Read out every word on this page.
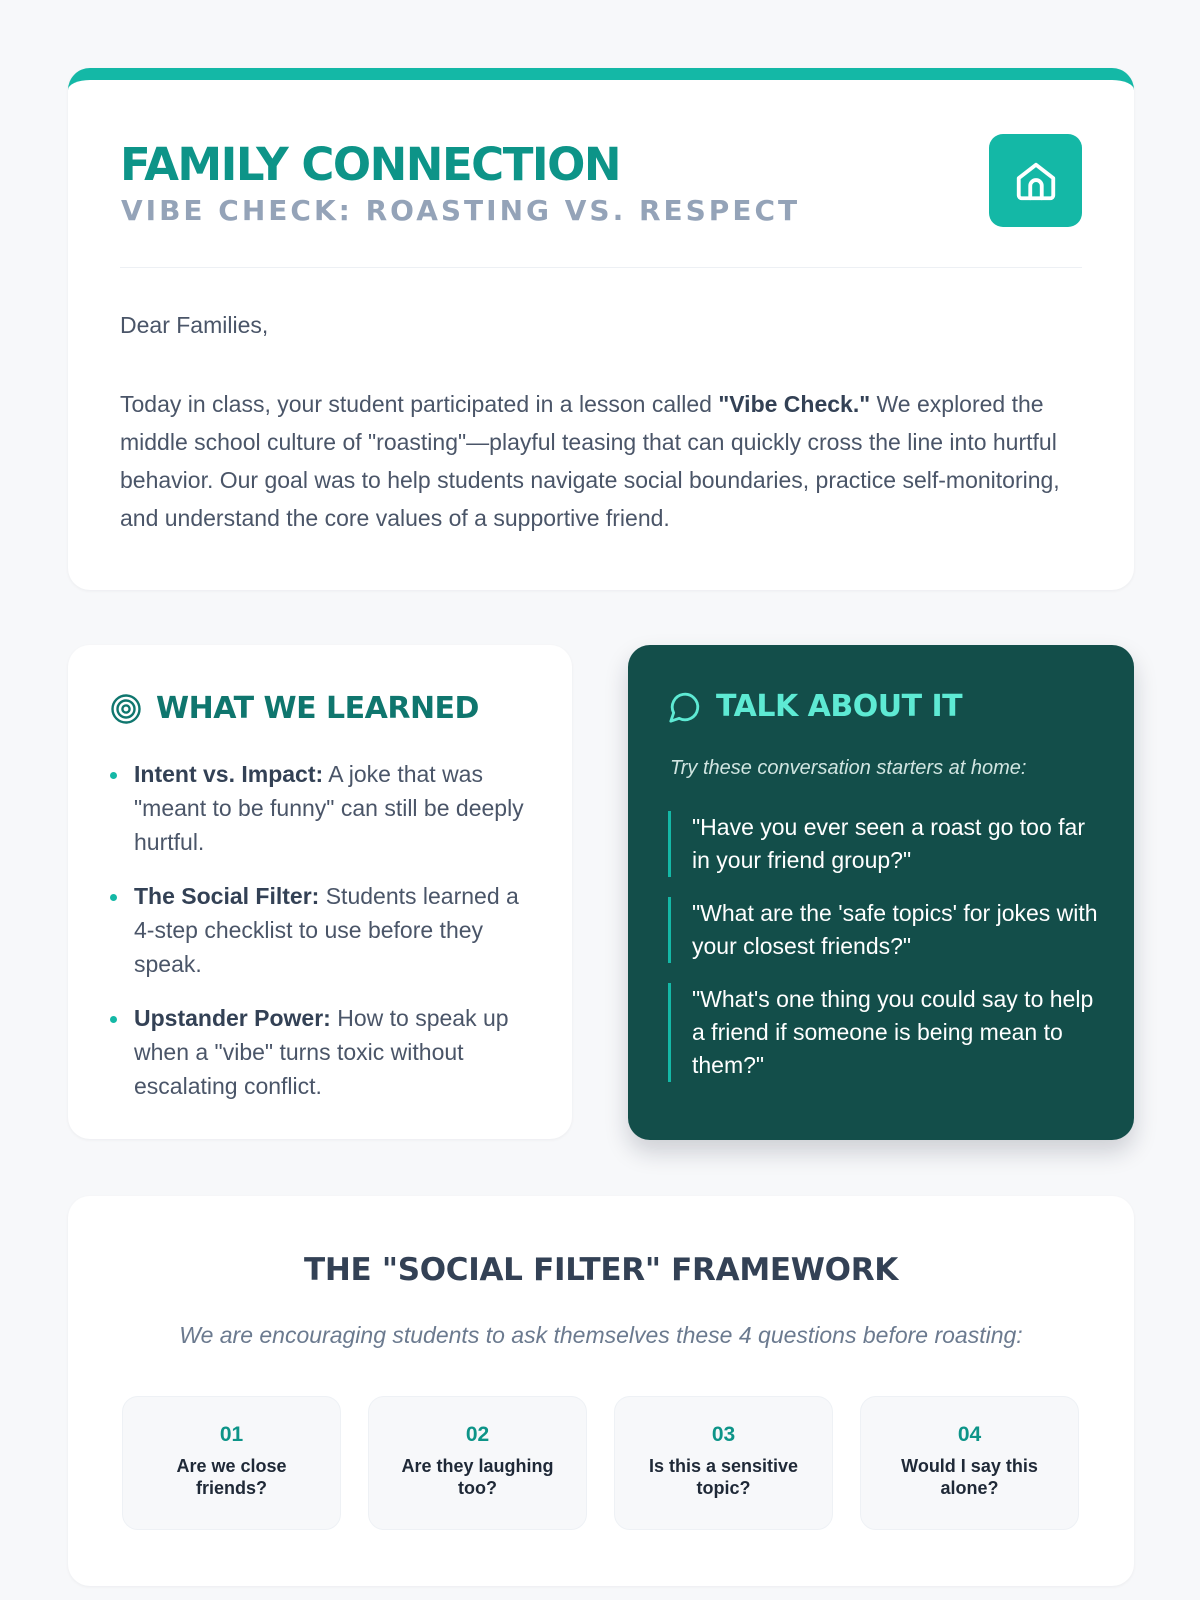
FAMILY CONNECTION
VIBE CHECK: ROASTING VS. RESPECT

Dear Families,

Today in class, your student participated in a lesson called "Vibe Check." We explored the middle school culture of "roasting"—playful teasing that can quickly cross the line into hurtful behavior. Our goal was to help students navigate social boundaries, practice self-monitoring, and understand the core values of a supportive friend.

WHAT WE LEARNED
Intent vs. Impact: A joke that was "meant to be funny" can still be deeply hurtful.
The Social Filter: Students learned a 4-step checklist to use before they speak.
Upstander Power: How to speak up when a "vibe" turns toxic without escalating conflict.
TALK ABOUT IT

Try these conversation starters at home:

"Have you ever seen a roast go too far in your friend group?"
"What are the 'safe topics' for jokes with your closest friends?"
"What's one thing you could say to help a friend if someone is being mean to them?"
THE "SOCIAL FILTER" FRAMEWORK

We are encouraging students to ask themselves these 4 questions before roasting:

01
Are we close friends?
02
Are they laughing too?
03
Is this a sensitive topic?
04
Would I say this alone?
